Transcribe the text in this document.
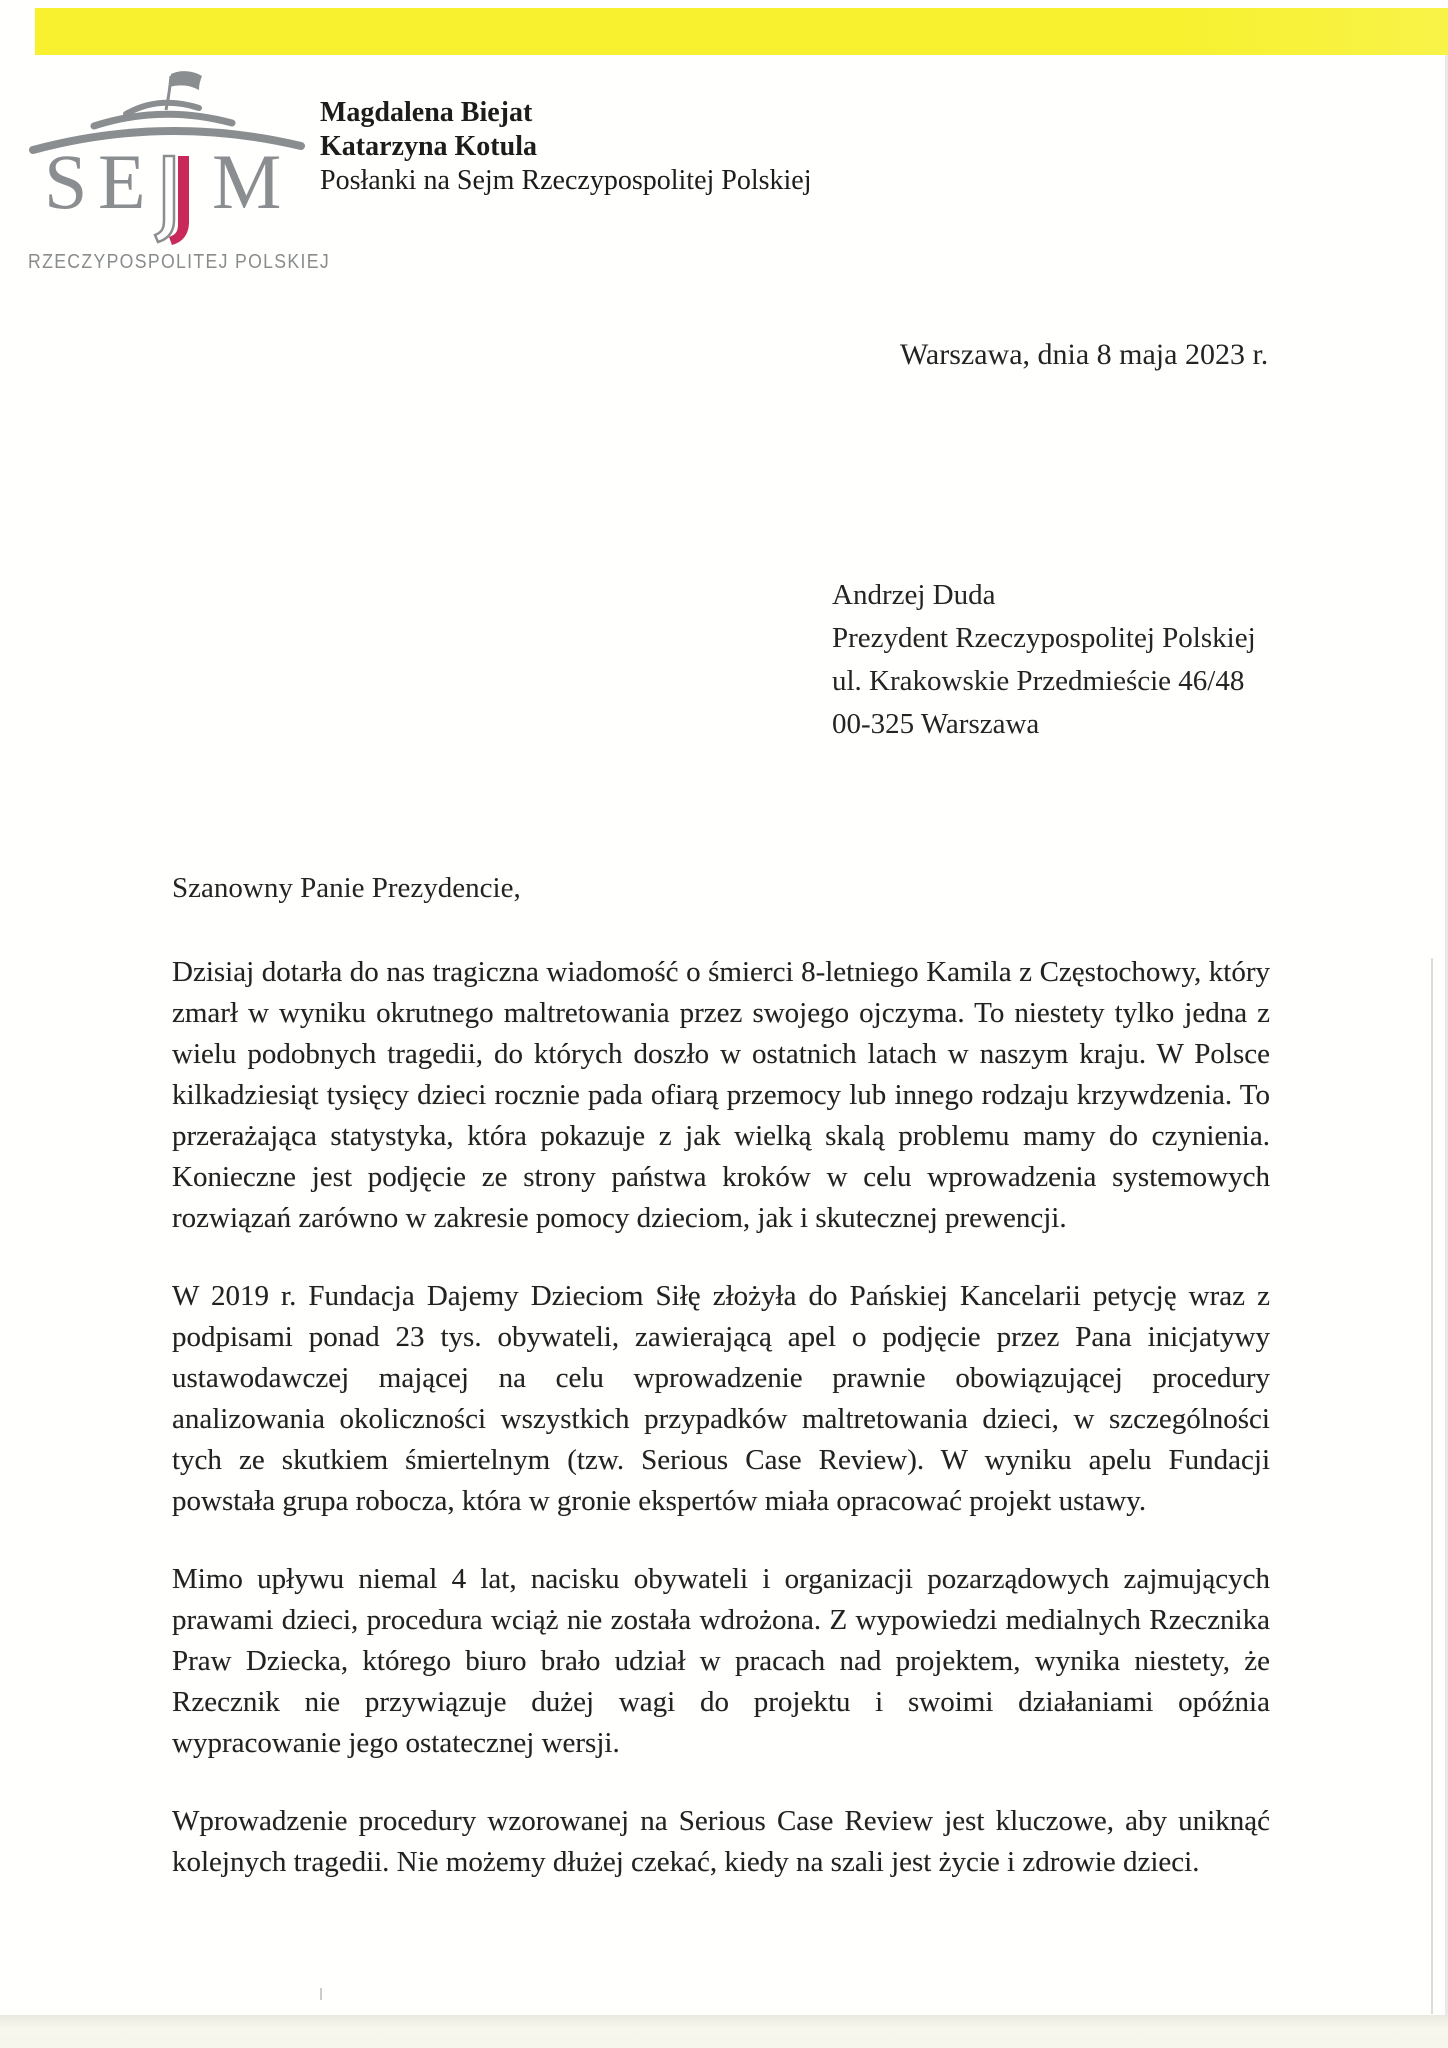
S E M
RZECZYPOSPOLITEJ POLSKIEJ
Magdalena Biejat
Katarzyna Kotula
Posłanki na Sejm Rzeczypospolitej Polskiej
Warszawa, dnia 8 maja 2023 r.
Andrzej Duda
Prezydent Rzeczypospolitej Polskiej
ul. Krakowskie Przedmieście 46/48
00-325 Warszawa
Szanowny Panie Prezydencie,

Dzisiaj dotarła do nas tragiczna wiadomość o śmierci 8-letniego Kamila z Częstochowy, który zmarł w wyniku okrutnego maltretowania przez swojego ojczyma. To niestety tylko jedna z wielu podobnych tragedii, do których doszło w ostatnich latach w naszym kraju. W Polsce kilkadziesiąt tysięcy dzieci rocznie pada ofiarą przemocy lub innego rodzaju krzywdzenia. To przerażająca statystyka, która pokazuje z jak wielką skalą problemu mamy do czynienia. Konieczne jest podjęcie ze strony państwa kroków w celu wprowadzenia systemowych rozwiązań zarówno w zakresie pomocy dzieciom, jak i skutecznej prewencji.

W 2019 r. Fundacja Dajemy Dzieciom Siłę złożyła do Pańskiej Kancelarii petycję wraz z podpisami ponad 23 tys. obywateli, zawierającą apel o podjęcie przez Pana inicjatywy ustawodawczej mającej na celu wprowadzenie prawnie obowiązującej procedury analizowania okoliczności wszystkich przypadków maltretowania dzieci, w szczególności tych ze skutkiem śmiertelnym (tzw. Serious Case Review). W wyniku apelu Fundacji powstała grupa robocza, która w gronie ekspertów miała opracować projekt ustawy.

Mimo upływu niemal 4 lat, nacisku obywateli i organizacji pozarządowych zajmujących prawami dzieci, procedura wciąż nie została wdrożona. Z wypowiedzi medialnych Rzecznika Praw Dziecka, którego biuro brało udział w pracach nad projektem, wynika niestety, że Rzecznik nie przywiązuje dużej wagi do projektu i swoimi działaniami opóźnia wypracowanie jego ostatecznej wersji.

Wprowadzenie procedury wzorowanej na Serious Case Review jest kluczowe, aby uniknąć kolejnych tragedii. Nie możemy dłużej czekać, kiedy na szali jest życie i zdrowie dzieci.
